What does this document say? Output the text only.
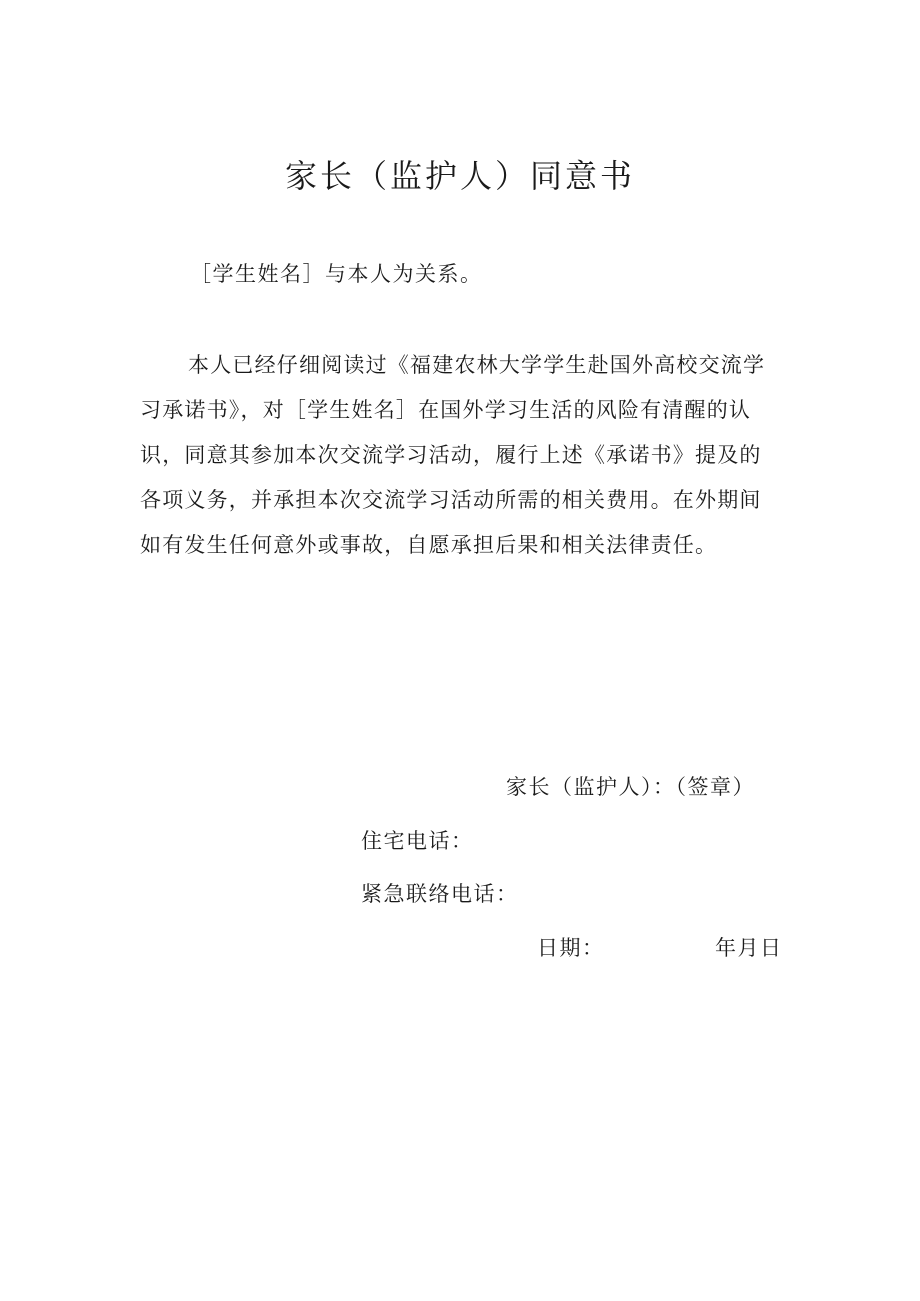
家长（监护人）同意书

［学生姓名］与本人为关系。

本人已经仔细阅读过《福建农林大学学生赴国外高校交流学
习承诺书》，对［学生姓名］在国外学习生活的风险有清醒的认
识，同意其参加本次交流学习活动，履行上述《承诺书》提及的
各项义务，并承担本次交流学习活动所需的相关费用。在外期间
如有发生任何意外或事故，自愿承担后果和相关法律责任。

家长（监护人）：（签章）

住宅电话：

紧急联络电话：

日期：	年月日
